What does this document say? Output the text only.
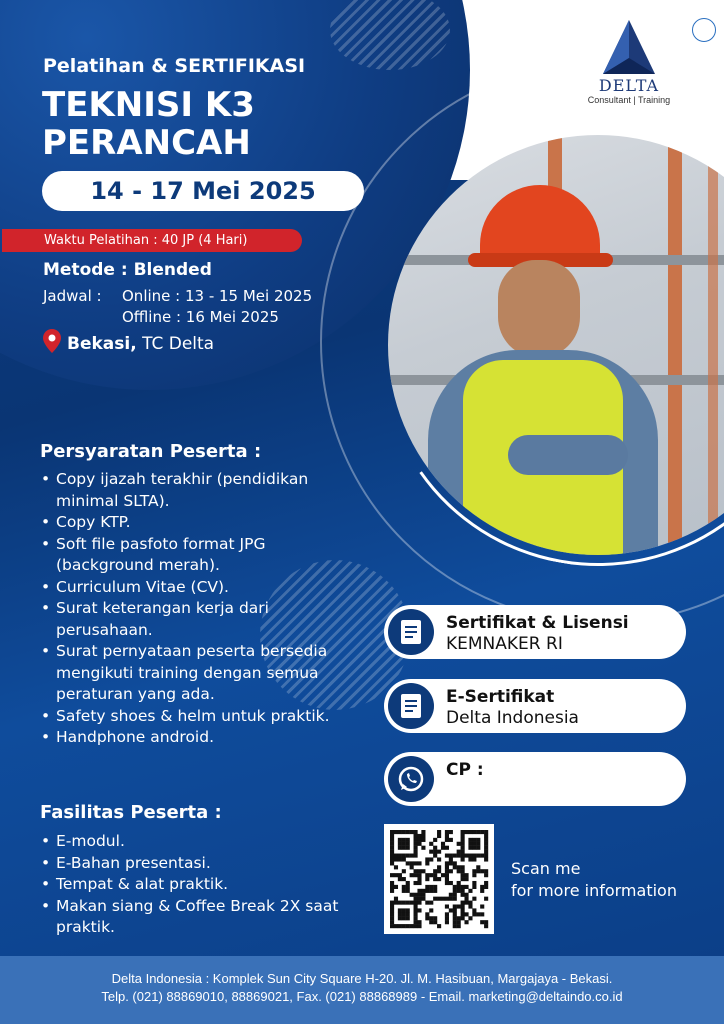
DELTA
Consultant | Training
Pelatihan & SERTIFIKASI
TEKNISI K3
PERANCAH
14 - 17 Mei 2025
Waktu Pelatihan : 40 JP (4 Hari)
Metode : Blended
Jadwal : Online : 13 - 15 Mei 2025
Offline : 16 Mei 2025
Bekasi, TC Delta
Persyaratan Peserta :
• Copy ijazah terakhir (pendidikan minimal SLTA).
• Copy KTP.
• Soft file pasfoto format JPG (background merah).
• Curriculum Vitae (CV).
• Surat keterangan kerja dari perusahaan.
• Surat pernyataan peserta bersedia mengikuti training dengan semua peraturan yang ada.
• Safety shoes & helm untuk praktik.
• Handphone android.
Fasilitas Peserta :
• E-modul.
• E-Bahan presentasi.
• Tempat & alat praktik.
• Makan siang & Coffee Break 2X saat praktik.
Sertifikat & Lisensi
KEMNAKER RI
E-Sertifikat
Delta Indonesia
CP :
Scan me
for more information
Delta Indonesia : Komplek Sun City Square H-20. Jl. M. Hasibuan, Margajaya - Bekasi.
Telp. (021) 88869010, 88869021, Fax. (021) 88868989 - Email. marketing@deltaindo.co.id
